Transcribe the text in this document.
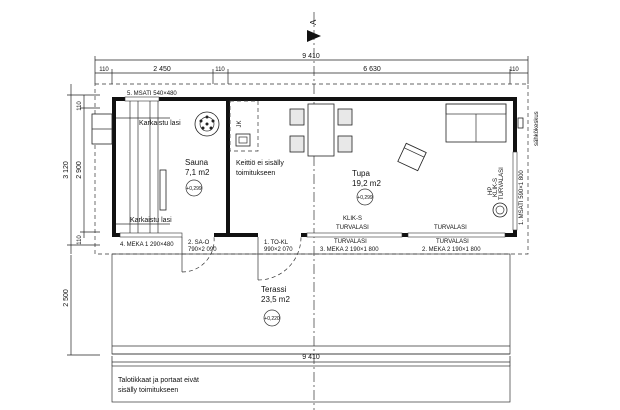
A
9 410
110	2 450	110	6 630	110
110
2 900
110
3 120
2 500
Karkaistu lasi
Karkaistu lasi
Sauna
7,1 m2
+0,299
JK
Keittiö ei sisälly
toimitukseen	Tupa
19,2 m2
+0,299
HP TURVALASI
KLIK-S	1. MSATI 590×1 800
sähkökeskus
5. MSATI 540×480
KLIK-S
TURVALASI	TURVALASI
TURVALASI	TURVALASI
4. MEKA 1 290×480 2. SA-O
790×2 090
1. TO-KL
990×2 070	3. MEKA 2 190×1 800	2. MEKA 2 190×1 800
Terassi
23,5 m2
+0,220
9 410
Talotikkaat ja portaat eivät
sisälly toimitukseen
